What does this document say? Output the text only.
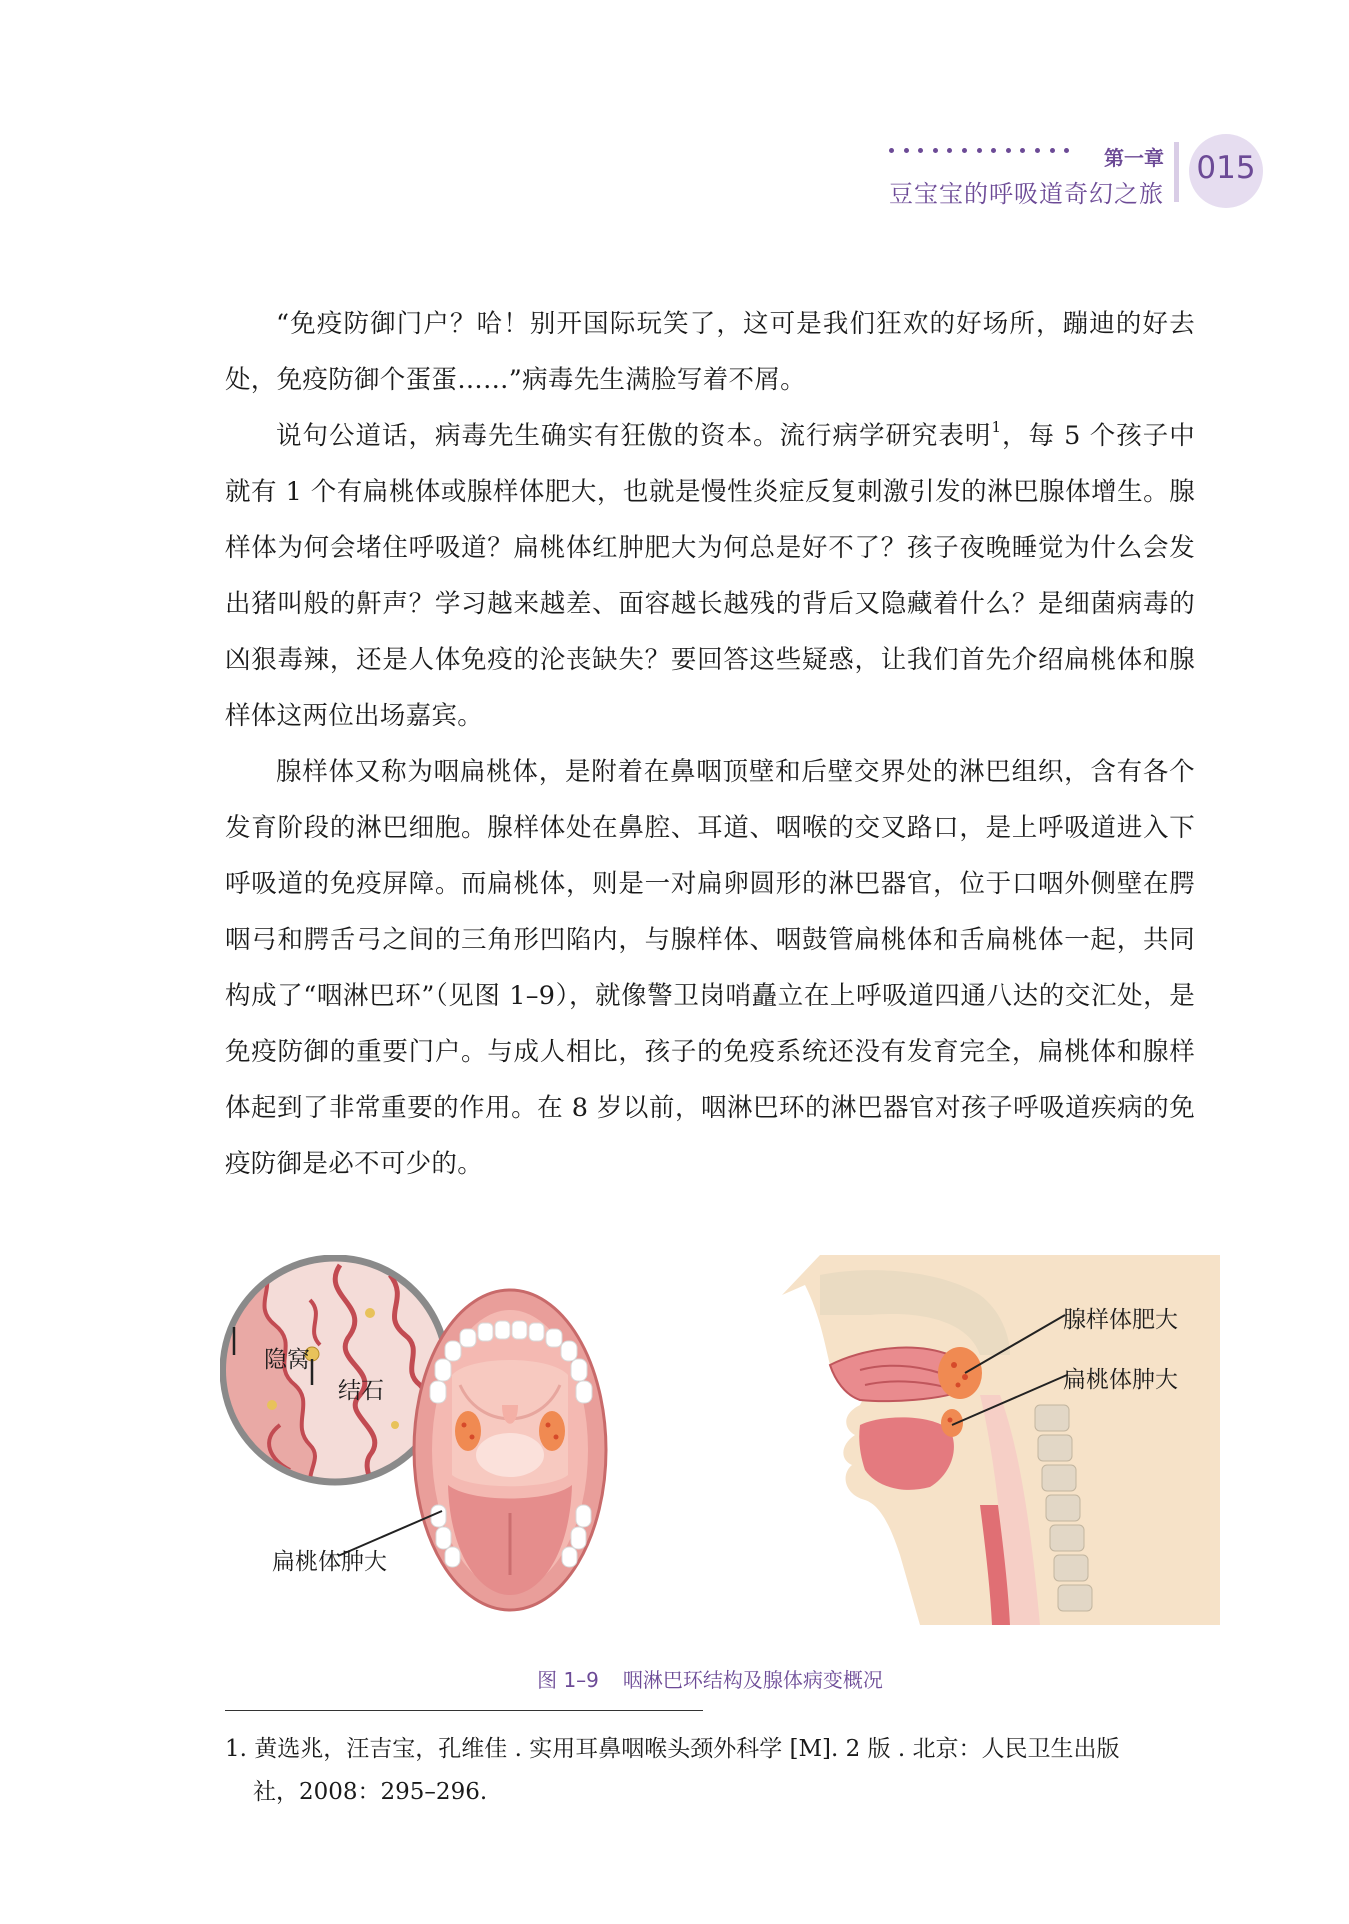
第一章
豆宝宝的呼吸道奇幻之旅
015

“免疫防御门户？哈！别开国际玩笑了，这可是我们狂欢的好场所，蹦迪的好去处，免疫防御个蛋蛋……”病毒先生满脸写着不屑。

说句公道话，病毒先生确实有狂傲的资本。流行病学研究表明$^1$，每 5 个孩子中就有 1 个有扁桃体或腺样体肥大，也就是慢性炎症反复刺激引发的淋巴腺体增生。腺样体为何会堵住呼吸道？扁桃体红肿肥大为何总是好不了？孩子夜晚睡觉为什么会发出猪叫般的鼾声？学习越来越差、面容越长越残的背后又隐藏着什么？是细菌病毒的凶狠毒辣，还是人体免疫的沦丧缺失？要回答这些疑惑，让我们首先介绍扁桃体和腺样体这两位出场嘉宾。

腺样体又称为咽扁桃体，是附着在鼻咽顶壁和后壁交界处的淋巴组织，含有各个发育阶段的淋巴细胞。腺样体处在鼻腔、耳道、咽喉的交叉路口，是上呼吸道进入下呼吸道的免疫屏障。而扁桃体，则是一对扁卵圆形的淋巴器官，位于口咽外侧壁在腭咽弓和腭舌弓之间的三角形凹陷内，与腺样体、咽鼓管扁桃体和舌扁桃体一起，共同构成了“咽淋巴环”（见图 1–9），就像警卫岗哨矗立在上呼吸道四通八达的交汇处，是免疫防御的重要门户。与成人相比，孩子的免疫系统还没有发育完全，扁桃体和腺样体起到了非常重要的作用。在 8 岁以前，咽淋巴环的淋巴器官对孩子呼吸道疾病的免疫防御是必不可少的。

隐窝
结石
扁桃体肿大
腺样体肥大
扁桃体肿大
图 1–9 咽淋巴环结构及腺体病变概况
1. 黄选兆，汪吉宝，孔维佳 . 实用耳鼻咽喉头颈外科学 [M]. 2 版 . 北京：人民卫生出版
社，2008：295–296.
